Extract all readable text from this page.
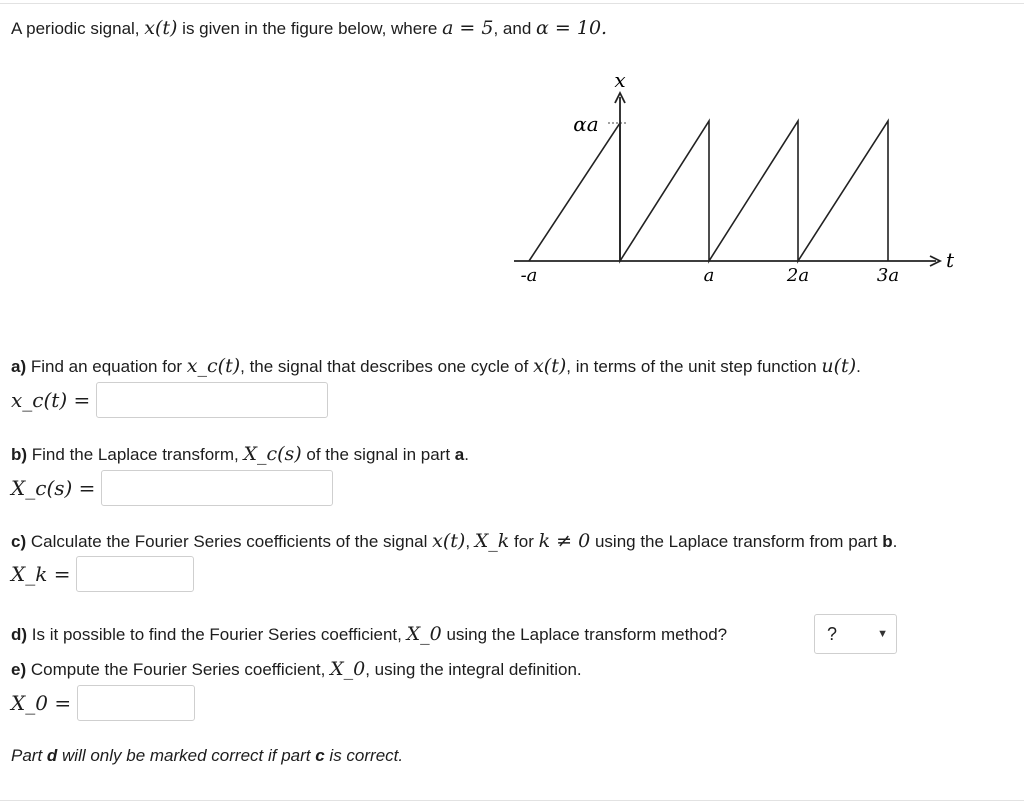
A periodic signal, x(t) is given in the figure below, where a = 5, and α = 10.
x
t
αa
-a	a	2a	3a
a) Find an equation for x_c(t), the signal that describes one cycle of x(t), in terms of the unit step function u(t).
x_c(t) =
b) Find the Laplace transform, X_c(s) of the signal in part a.
X_c(s) =
c) Calculate the Fourier Series coefficients of the signal x(t), X_k for k ≠ 0 using the Laplace transform from part b.
X_k =
d) Is it possible to find the Fourier Series coefficient, X_0 using the Laplace transform method?	?	▼
e) Compute the Fourier Series coefficient, X_0, using the integral definition.
X_0 =
Part d will only be marked correct if part c is correct.
